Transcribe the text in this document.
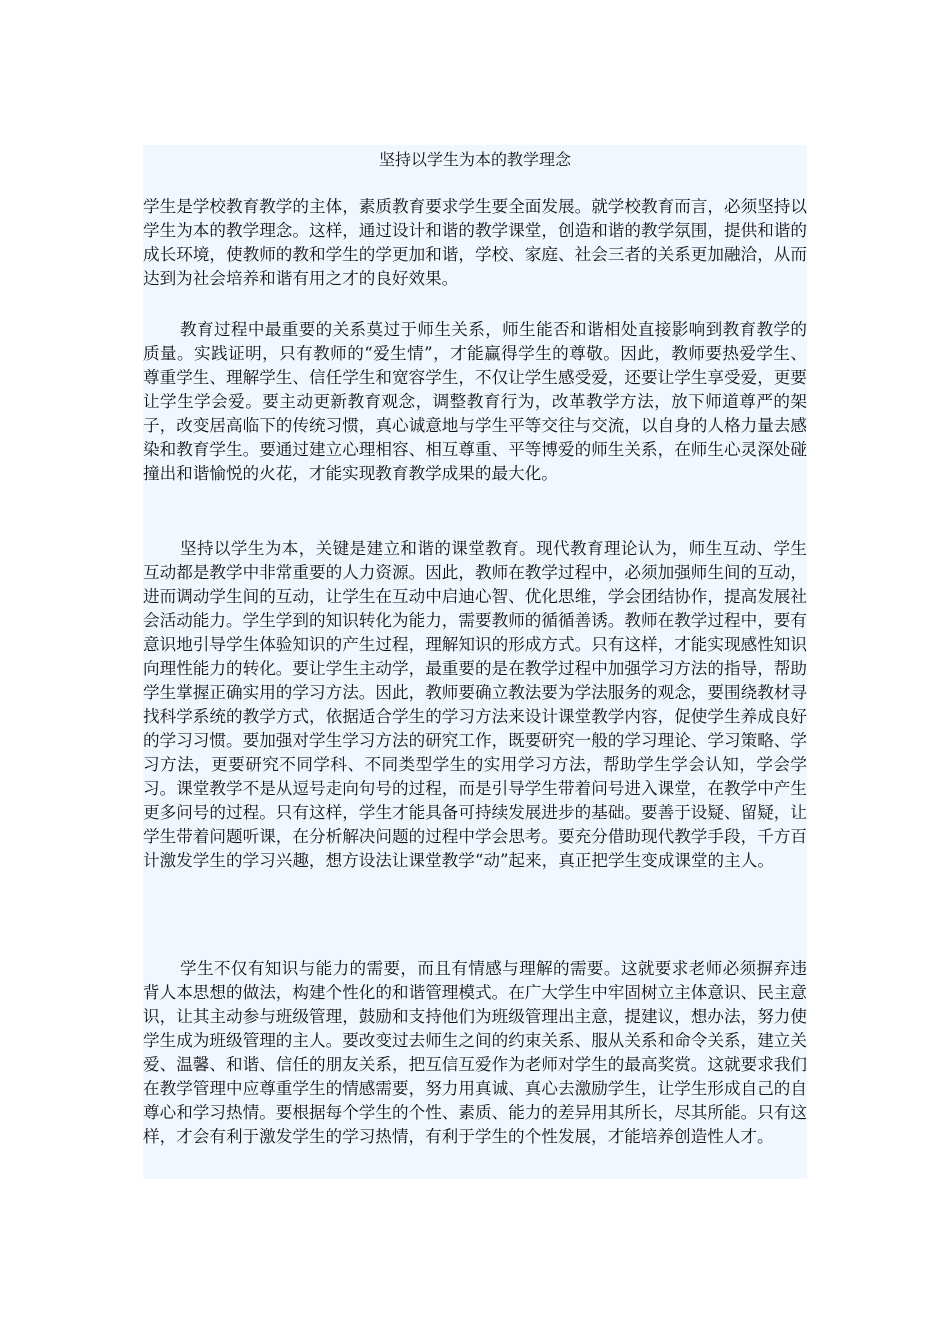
坚持以学生为本的教学理念

学生是学校教育教学的主体，素质教育要求学生要全面发展。就学校教育而言，必须坚持以学生为本的教学理念。这样，通过设计和谐的教学课堂，创造和谐的教学氛围，提供和谐的成长环境，使教师的教和学生的学更加和谐，学校、家庭、社会三者的关系更加融洽，从而达到为社会培养和谐有用之才的良好效果。

教育过程中最重要的关系莫过于师生关系，师生能否和谐相处直接影响到教育教学的质量。实践证明，只有教师的“爱生情”，才能赢得学生的尊敬。因此，教师要热爱学生、尊重学生、理解学生、信任学生和宽容学生，不仅让学生感受爱，还要让学生享受爱，更要让学生学会爱。要主动更新教育观念，调整教育行为，改革教学方法，放下师道尊严的架子，改变居高临下的传统习惯，真心诚意地与学生平等交往与交流，以自身的人格力量去感染和教育学生。要通过建立心理相容、相互尊重、平等博爱的师生关系，在师生心灵深处碰撞出和谐愉悦的火花，才能实现教育教学成果的最大化。

坚持以学生为本，关键是建立和谐的课堂教育。现代教育理论认为，师生互动、学生互动都是教学中非常重要的人力资源。因此，教师在教学过程中，必须加强师生间的互动，进而调动学生间的互动，让学生在互动中启迪心智、优化思维，学会团结协作，提高发展社会活动能力。学生学到的知识转化为能力，需要教师的循循善诱。教师在教学过程中，要有意识地引导学生体验知识的产生过程，理解知识的形成方式。只有这样，才能实现感性知识向理性能力的转化。要让学生主动学，最重要的是在教学过程中加强学习方法的指导，帮助学生掌握正确实用的学习方法。因此，教师要确立教法要为学法服务的观念，要围绕教材寻找科学系统的教学方式，依据适合学生的学习方法来设计课堂教学内容，促使学生养成良好的学习习惯。要加强对学生学习方法的研究工作，既要研究一般的学习理论、学习策略、学习方法，更要研究不同学科、不同类型学生的实用学习方法，帮助学生学会认知，学会学习。课堂教学不是从逗号走向句号的过程，而是引导学生带着问号进入课堂，在教学中产生更多问号的过程。只有这样，学生才能具备可持续发展进步的基础。要善于设疑、留疑，让学生带着问题听课，在分析解决问题的过程中学会思考。要充分借助现代教学手段，千方百计激发学生的学习兴趣，想方设法让课堂教学“动”起来，真正把学生变成课堂的主人。

学生不仅有知识与能力的需要，而且有情感与理解的需要。这就要求老师必须摒弃违背人本思想的做法，构建个性化的和谐管理模式。在广大学生中牢固树立主体意识、民主意识，让其主动参与班级管理，鼓励和支持他们为班级管理出主意，提建议，想办法，努力使学生成为班级管理的主人。要改变过去师生之间的约束关系、服从关系和命令关系，建立关爱、温馨、和谐、信任的朋友关系，把互信互爱作为老师对学生的最高奖赏。这就要求我们在教学管理中应尊重学生的情感需要，努力用真诚、真心去激励学生，让学生形成自己的自尊心和学习热情。要根据每个学生的个性、素质、能力的差异用其所长，尽其所能。只有这样，才会有利于激发学生的学习热情，有利于学生的个性发展，才能培养创造性人才。
